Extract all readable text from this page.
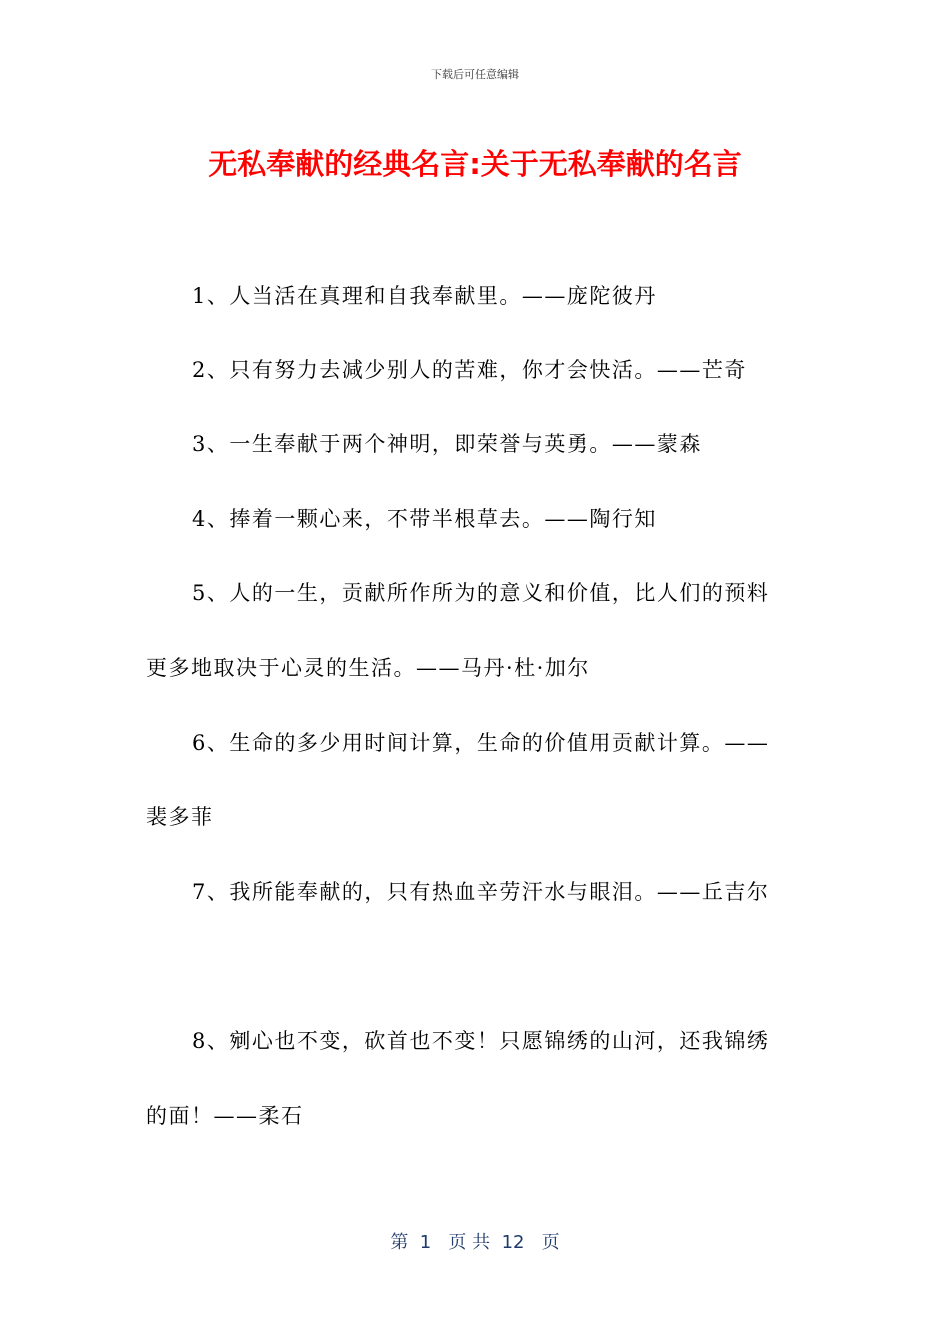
下载后可任意编辑
无私奉献的经典名言:关于无私奉献的名言
1、人当活在真理和自我奉献里。——庞陀彼丹
2、只有努力去减少别人的苦难，你才会快活。——芒奇
3、一生奉献于两个神明，即荣誉与英勇。——蒙森
4、捧着一颗心来，不带半根草去。——陶行知
5、人的一生，贡献所作所为的意义和价值，比人们的预料
更多地取决于心灵的生活。——马丹·杜·加尔
6、生命的多少用时间计算，生命的价值用贡献计算。——
裴多菲
7、我所能奉献的，只有热血辛劳汗水与眼泪。——丘吉尔
8、剜心也不变，砍首也不变！只愿锦绣的山河，还我锦绣
的面！——柔石
第  1   页 共  12   页
